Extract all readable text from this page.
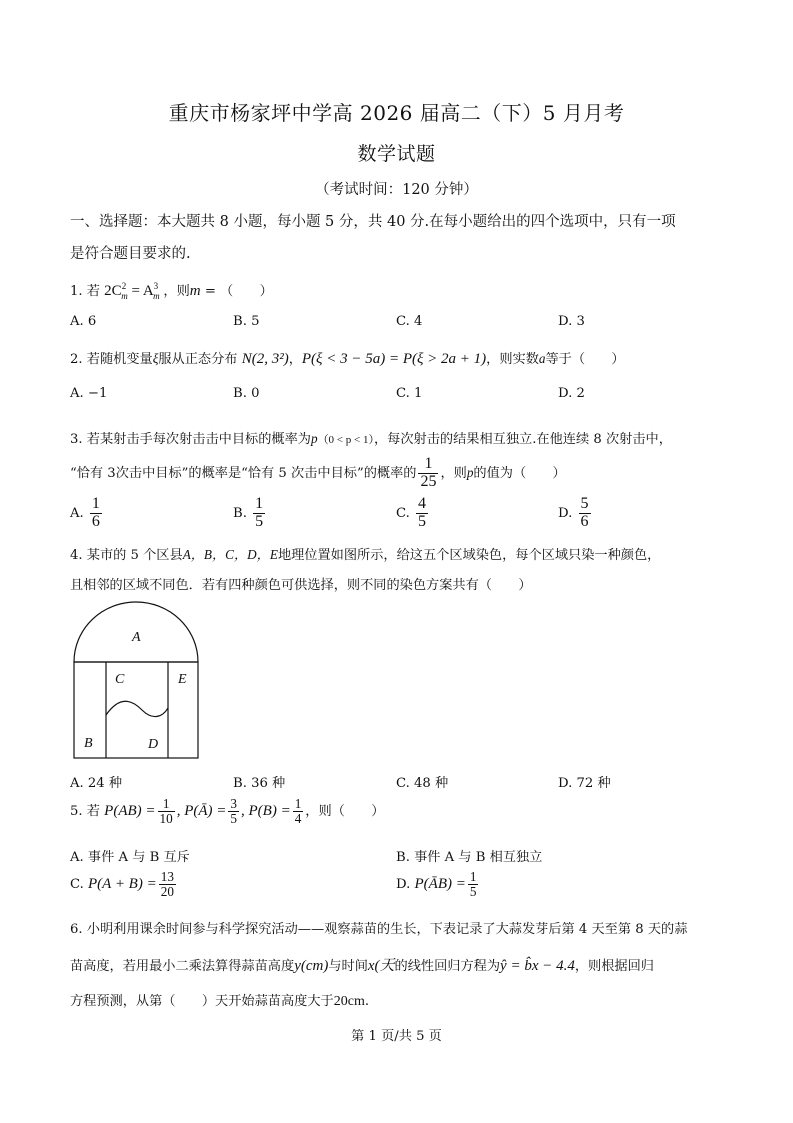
重庆市杨家坪中学高 2026 届高二（下）5 月月考
数学试题
（考试时间：120 分钟）
一、选择题：本大题共 8 小题，每小题 5 分，共 40 分.在每小题给出的四个选项中，只有一项
是符合题目要求的.
1. 若 $2C^2_m = A^3_m$ ，则m = （　　）
A. 6	B. 5	C. 4	D. 3
2. 若随机变量ξ服从正态分布 N(2, 3²)，P(ξ < 3 − 5a) = P(ξ > 2a + 1)，则实数a等于（　　）
A. −1	B. 0	C. 1	D. 2
3. 若某射击手每次射击击中目标的概率为p（0 < p < 1），每次射击的结果相互独立.在他连续 8 次射击中，
“恰有 3次击中目标”的概率是“恰有 5 次击中目标”的概率的 $\frac{1}{25}$ ，则p的值为（　　）
A. $\frac{1}{6}$	B. $\frac{1}{5}$	C. $\frac{4}{5}$	D. $\frac{5}{6}$
4. 某市的 5 个区县A，B，C，D，E地理位置如图所示，给这五个区域染色，每个区域只染一种颜色，
且相邻的区域不同色．若有四种颜色可供选择，则不同的染色方案共有（　　）
A
B
C
D
E
A. 24 种	B. 36 种	C. 48 种	D. 72 种
5. 若 $P(AB) = \frac{1}{10}$ , P(Ā) = $\frac{3}{5}$ , $P(B) = \frac{1}{4}$ ，则（　　）
A. 事件 A 与 B 互斥	B. 事件 A 与 B 相互独立
C. $P(A + B) = \frac{13}{20}$	D. P(ĀB) = $\frac{1}{5}$
6. 小明利用课余时间参与科学探究活动——观察蒜苗的生长，下表记录了大蒜发芽后第 4 天至第 8 天的蒜
苗高度，若用最小二乘法算得蒜苗高度y(cm)与时间x(天的线性回归方程为ŷ = b̂x − 4.4，则根据回归
方程预测，从第（　　）天开始蒜苗高度大于20cm.
第 1 页/共 5 页
